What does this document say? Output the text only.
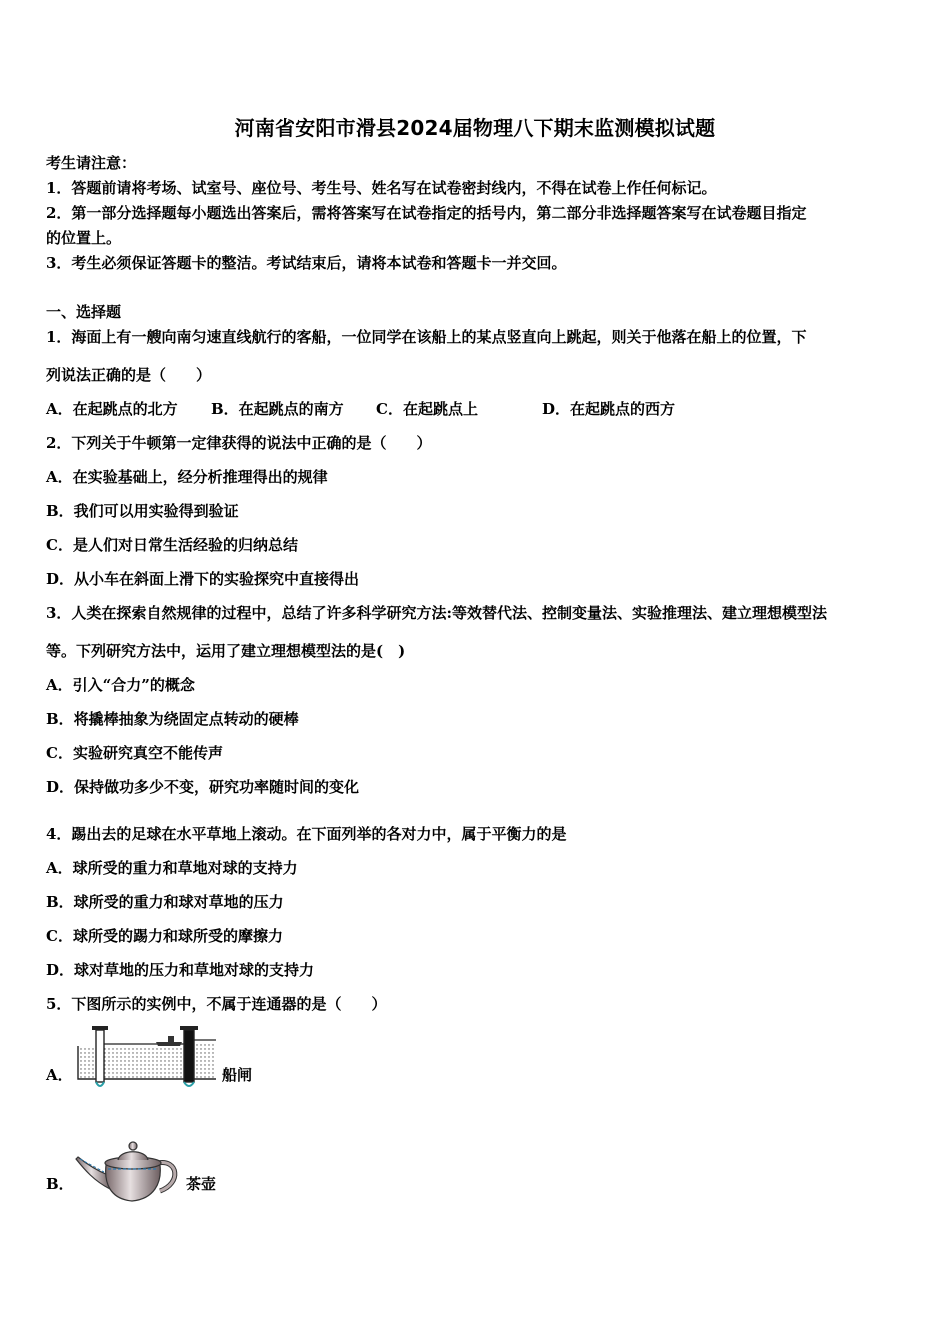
河南省安阳市滑县2024届物理八下期末监测模拟试题
考生请注意：
1．答题前请将考场、试室号、座位号、考生号、姓名写在试卷密封线内，不得在试卷上作任何标记。
2．第一部分选择题每小题选出答案后，需将答案写在试卷指定的括号内，第二部分非选择题答案写在试卷题目指定
的位置上。
3．考生必须保证答题卡的整洁。考试结束后，请将本试卷和答题卡一并交回。
一、选择题
1．海面上有一艘向南匀速直线航行的客船，一位同学在该船上的某点竖直向上跳起，则关于他落在船上的位置，下
列说法正确的是（　　）
A．在起跳点的北方 B．在起跳点的南方 C．在起跳点上	D．在起跳点的西方
2．下列关于牛顿第一定律获得的说法中正确的是（　　）
A．在实验基础上，经分析推理得出的规律
B．我们可以用实验得到验证
C．是人们对日常生活经验的归纳总结
D．从小车在斜面上滑下的实验探究中直接得出
3．人类在探索自然规律的过程中，总结了许多科学研究方法:等效替代法、控制变量法、实验推理法、建立理想模型法
等。下列研究方法中，运用了建立理想模型法的是(　)
A．引入“合力”的概念
B．将撬棒抽象为绕固定点转动的硬棒
C．实验研究真空不能传声
D．保持做功多少不变，研究功率随时间的变化
4．踢出去的足球在水平草地上滚动。在下面列举的各对力中，属于平衡力的是
A．球所受的重力和草地对球的支持力
B．球所受的重力和球对草地的压力
C．球所受的踢力和球所受的摩擦力
D．球对草地的压力和草地对球的支持力
5．下图所示的实例中，不属于连通器的是（　　）
A．	船闸
B．	茶壶
